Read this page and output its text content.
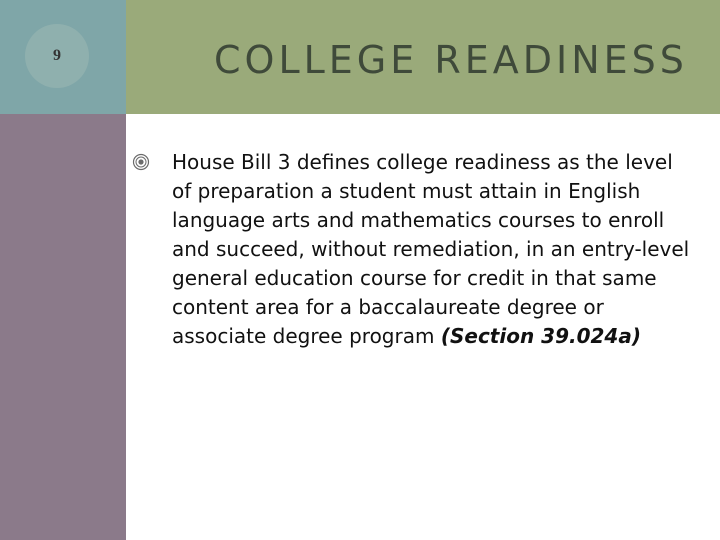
9	COLLEGE READINESS

House Bill 3 defines college readiness as the level of preparation a student must attain in English language arts and mathematics courses to enroll and succeed, without remediation, in an entry-level general education course for credit in that same content area for a baccalaureate degree or associate degree program (Section 39.024a)
